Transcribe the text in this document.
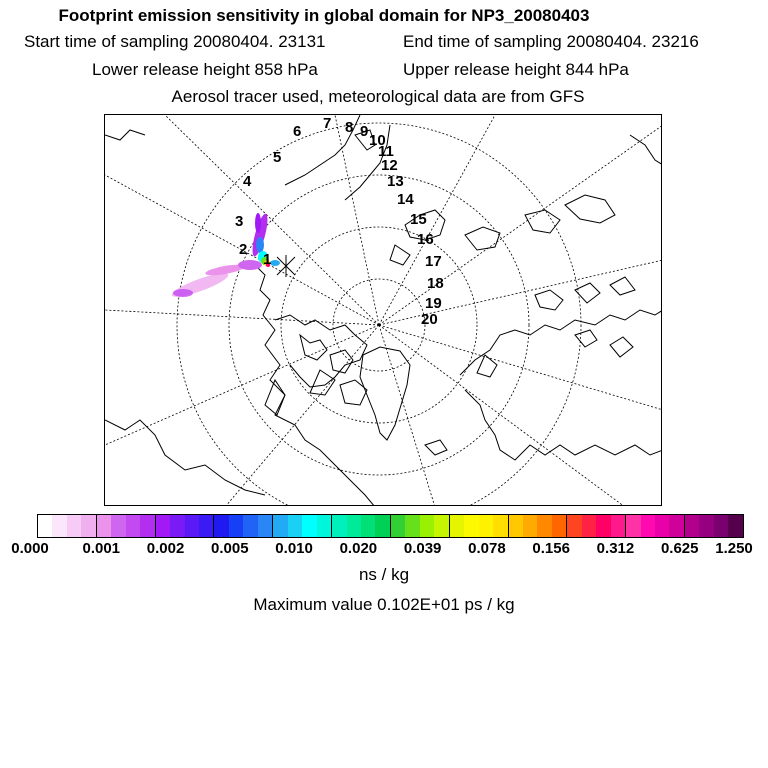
Footprint emission sensitivity in global domain for NP3_20080403
Start time of sampling 20080404. 23131	End time of sampling 20080404. 23216
Lower release height 858 hPa	Upper release height 844 hPa
Aerosol tracer used, meteorological data are from GFS
1
2
3
4
5
6 7 8 9
10
11
12
13
14
15
16
17
18
19
20
0.000 0.001 0.002 0.005 0.010 0.020 0.039 0.078 0.156 0.312 0.625 1.250
ns / kg
Maximum value 0.102E+01 ps / kg
